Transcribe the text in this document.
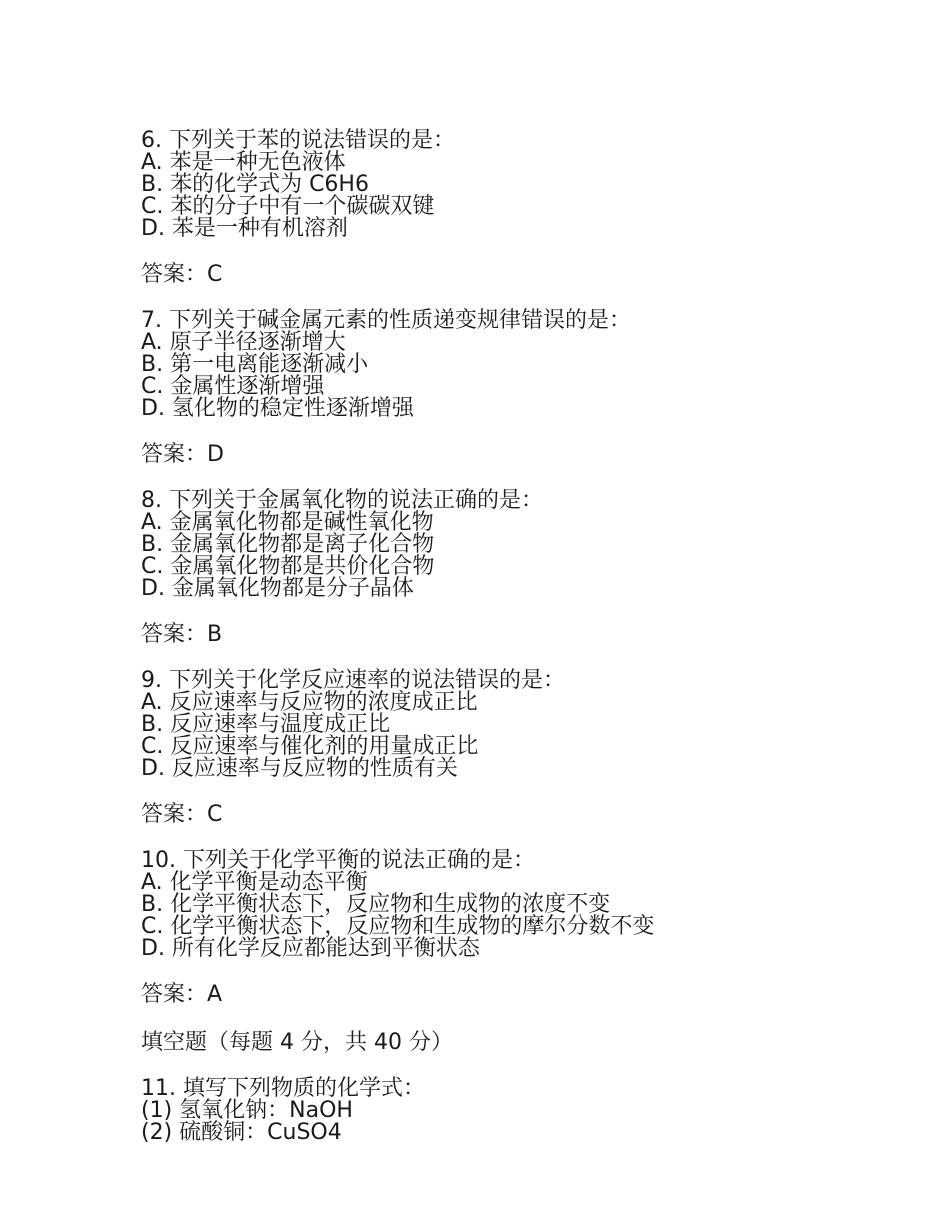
6. 下列关于苯的说法错误的是：
A. 苯是一种无色液体
B. 苯的化学式为 C6H6
C. 苯的分子中有一个碳碳双键
D. 苯是一种有机溶剂
答案：C
7. 下列关于碱金属元素的性质递变规律错误的是：
A. 原子半径逐渐增大
B. 第一电离能逐渐减小
C. 金属性逐渐增强
D. 氢化物的稳定性逐渐增强
答案：D
8. 下列关于金属氧化物的说法正确的是：
A. 金属氧化物都是碱性氧化物
B. 金属氧化物都是离子化合物
C. 金属氧化物都是共价化合物
D. 金属氧化物都是分子晶体
答案：B
9. 下列关于化学反应速率的说法错误的是：
A. 反应速率与反应物的浓度成正比
B. 反应速率与温度成正比
C. 反应速率与催化剂的用量成正比
D. 反应速率与反应物的性质有关
答案：C
10. 下列关于化学平衡的说法正确的是：
A. 化学平衡是动态平衡
B. 化学平衡状态下，反应物和生成物的浓度不变
C. 化学平衡状态下，反应物和生成物的摩尔分数不变
D. 所有化学反应都能达到平衡状态
答案：A
填空题（每题 4 分，共 40 分）
11. 填写下列物质的化学式：
(1) 氢氧化钠：NaOH
(2) 硫酸铜：CuSO4
